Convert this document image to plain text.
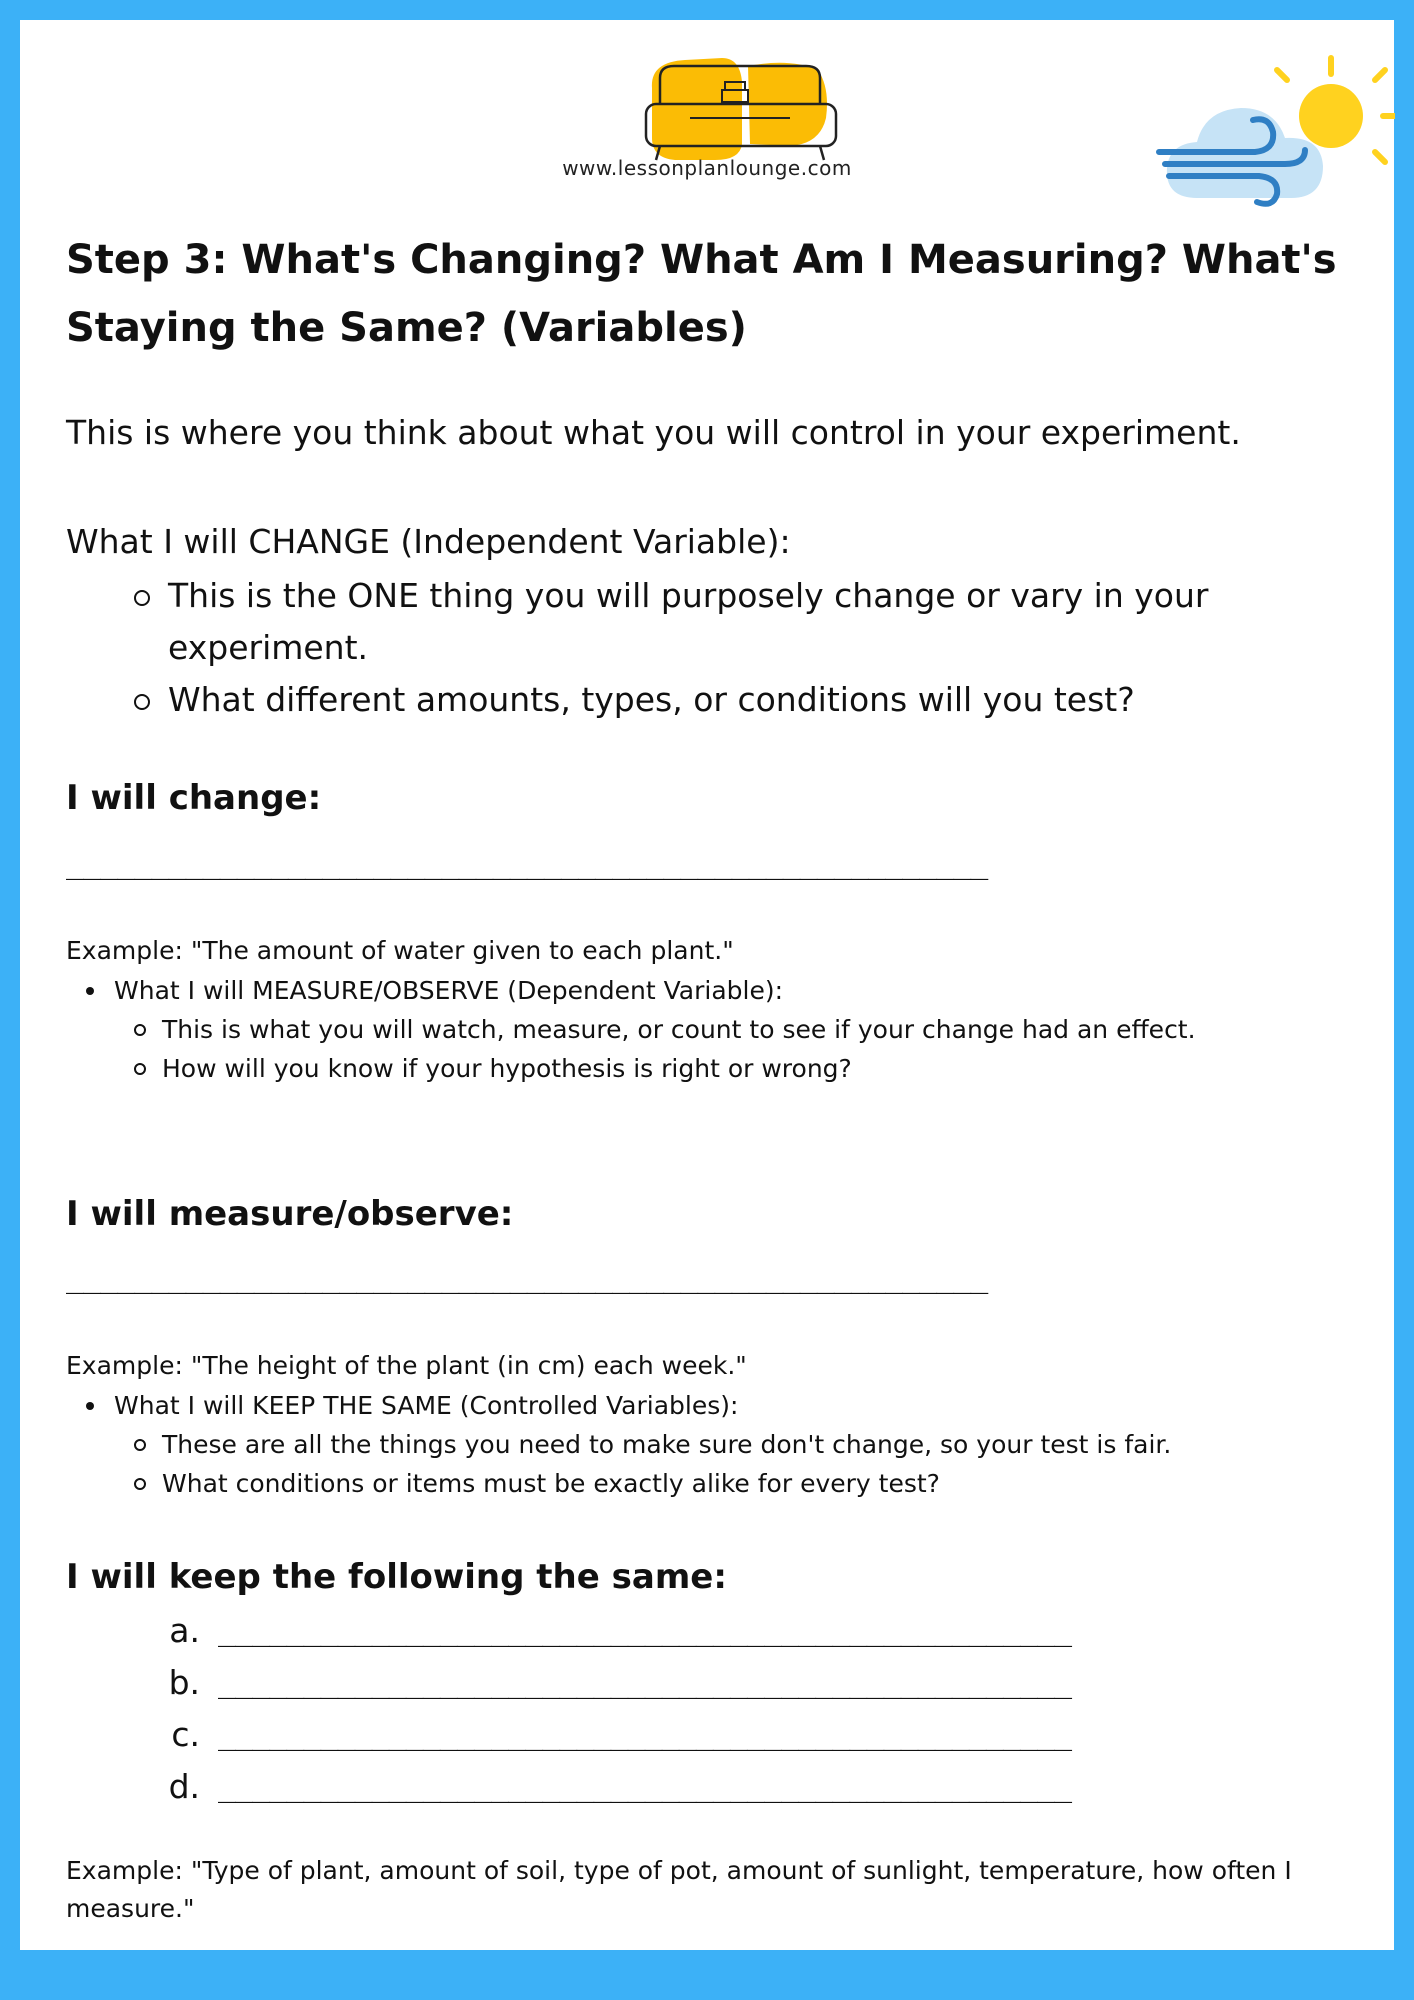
www.lessonplanlounge.com
Step 3: What's Changing? What Am I Measuring? What's Staying the Same? (Variables)

This is where you think about what you will control in your experiment.

What I will CHANGE (Independent Variable):

This is the ONE thing you will purposely change or vary in your experiment.
What different amounts, types, or conditions will you test?
I will change:
______________________________________________________

Example: "The amount of water given to each plant."

What I will MEASURE/OBSERVE (Dependent Variable):
This is what you will watch, measure, or count to see if your change had an effect.
How will you know if your hypothesis is right or wrong?
I will measure/observe:
______________________________________________________

Example: "The height of the plant (in cm) each week."

What I will KEEP THE SAME (Controlled Variables):
These are all the things you need to make sure don't change, so your test is fair.
What conditions or items must be exactly alike for every test?
I will keep the following the same:
a. __________________________________________________
b. __________________________________________________
c. __________________________________________________
d. __________________________________________________

Example: "Type of plant, amount of soil, type of pot, amount of sunlight, temperature, how often I measure."
